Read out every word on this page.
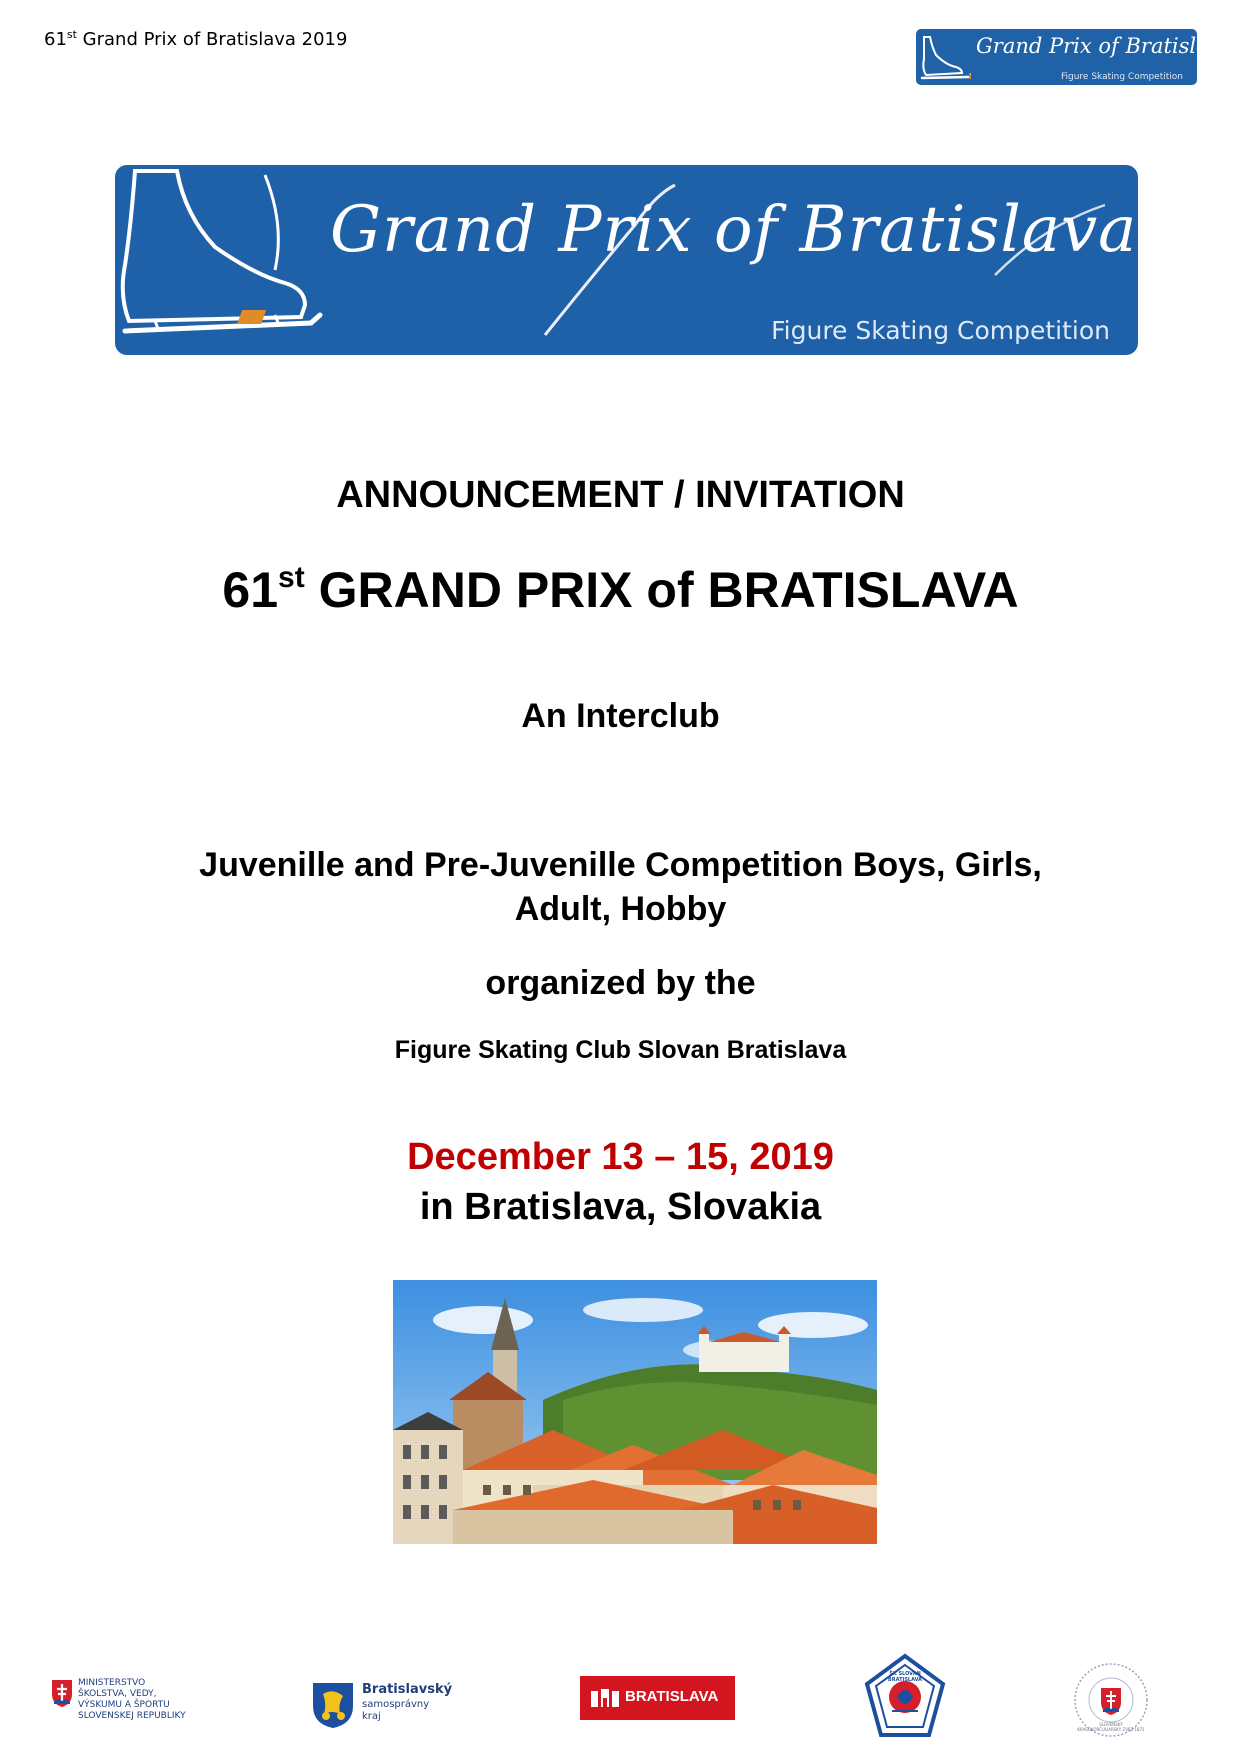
61st Grand Prix of Bratislava 2019	Grand Prix of Bratislava
Figure Skating Competition
Grand Prix of Bratislava
Figure Skating Competition
ANNOUNCEMENT / INVITATION
61st GRAND PRIX of BRATISLAVA
An Interclub
Juvenille and Pre-Juvenille Competition Boys, Girls,
Adult, Hobby
organized by the
Figure Skating Club Slovan Bratislava
December 13 – 15, 2019
in Bratislava, Slovakia
MINISTERSTVO
ŠKOLSTVA, VEDY,
VÝSKUMU A ŠPORTU
SLOVENSKEJ REPUBLIKY
Bratislavský
samosprávny
kraj
BRATISLAVA
ŠK SLOVAN BRATISLAVA
SLOVENSKÝ KRASOKORČULIARSKY ZVÄZ 1871
